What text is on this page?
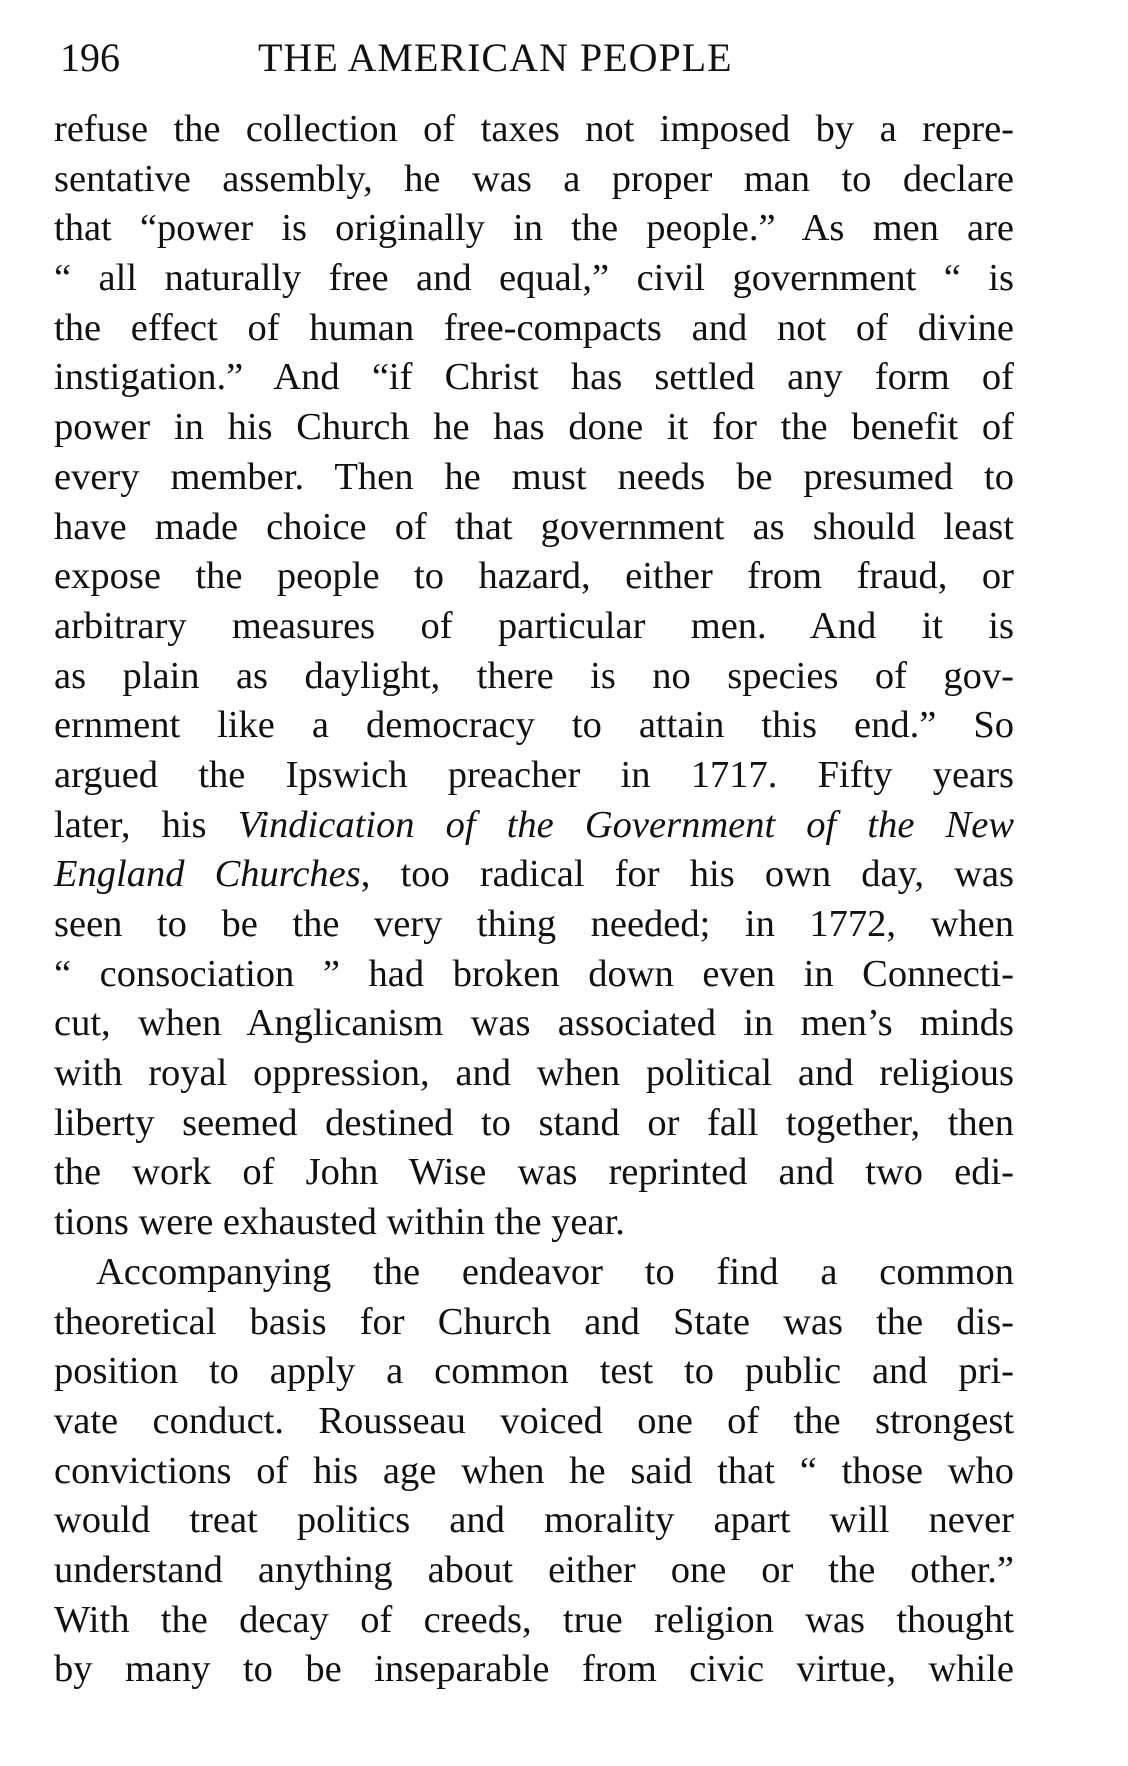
196	THE AMERICAN PEOPLE
refuse the collection of taxes not imposed by a repre-
sentative assembly, he was a proper man to declare
that “power is originally in the people.” As men are
“ all naturally free and equal,” civil government “ is
the effect of human free-compacts and not of divine
instigation.” And “if Christ has settled any form of
power in his Church he has done it for the benefit of
every member. Then he must needs be presumed to
have made choice of that government as should least
expose the people to hazard, either from fraud, or
arbitrary measures of particular men. And it is
as plain as daylight, there is no species of gov-
ernment like a democracy to attain this end.” So
argued the Ipswich preacher in 1717. Fifty years
later, his Vindication of the Government of the New
England Churches, too radical for his own day, was
seen to be the very thing needed; in 1772, when
“ consociation ” had broken down even in Connecti-
cut, when Anglicanism was associated in men’s minds
with royal oppression, and when political and religious
liberty seemed destined to stand or fall together, then
the work of John Wise was reprinted and two edi-
tions were exhausted within the year.
Accompanying the endeavor to find a common
theoretical basis for Church and State was the dis-
position to apply a common test to public and pri-
vate conduct. Rousseau voiced one of the strongest
convictions of his age when he said that “ those who
would treat politics and morality apart will never
understand anything about either one or the other.”
With the decay of creeds, true religion was thought
by many to be inseparable from civic virtue, while
